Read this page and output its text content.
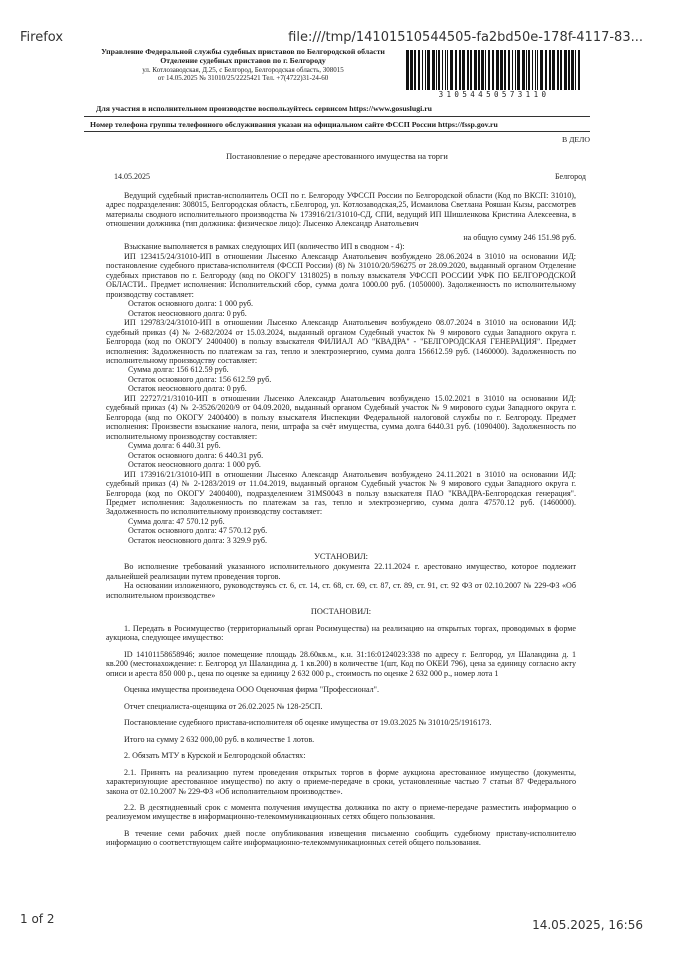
Firefox	file:///tmp/14101510544505-fa2bd50e-178f-4117-83...
Управление Федеральной службы судебных приставов по Белгородской области
Отделение судебных приставов по г. Белгороду
ул. Котлозаводская, Д.25, с Белгород, Белгородская область, 308015
от 14.05.2025 № 31010/25/2225421 Тел. +7(4722)31-24-60
31054450573110
Для участия в исполнительном производстве воспользуйтесь сервисом https://www.gosuslugi.ru
Номер телефона группы телефонного обслуживания указан на официальном сайте ФССП России https://fssp.gov.ru
В ДЕЛО
Постановление о передаче арестованного имущества на торги
14.05.2025	Белгород

Ведущий судебный пристав-исполнитель ОСП по г. Белгороду УФССП России по Белгородской области (Код по ВКСП: 31010), адрес подразделения: 308015, Белгородская область, г.Белгород, ул. Котлозаводская,25, Исмаилова Светлана Рояшан Кызы, рассмотрев материалы сводного исполнительного производства № 173916/21/31010-СД, СПИ, ведущий ИП Шишленкова Кристина Алексеевна, в отношении должника (тип должника: физическое лицо): Лысенко Александр Анатольевич

на общую сумму 246 151.98 руб.

Взыскание выполняется в рамках следующих ИП (количество ИП в сводном - 4):

ИП 123415/24/31010-ИП в отношении Лысенко Александр Анатольевич возбуждено 28.06.2024 в 31010 на основании ИД: постановление судебного пристава-исполнителя (ФССП России) (8) № 31010/20/596275 от 28.09.2020, выданный органом Отделение судебных приставов по г. Белгороду (код по ОКОГУ 1318025) в пользу взыскателя УФССП РОССИИ УФК ПО БЕЛГОРОДСКОЙ ОБЛАСТИ.. Предмет исполнения: Исполнительский сбор, сумма долга 1000.00 руб. (1050000). Задолженность по исполнительному производству составляет:

Остаток основного долга: 1 000 руб.

Остаток неосновного долга: 0 руб.

ИП 129783/24/31010-ИП в отношении Лысенко Александр Анатольевич возбуждено 08.07.2024 в 31010 на основании ИД: судебный приказ (4) № 2-682/2024 от 15.03.2024, выданный органом Судебный участок № 9 мирового судьи Западного округа г. Белгорода (код по ОКОГУ 2400400) в пользу взыскателя ФИЛИАЛ АО "КВАДРА" - "БЕЛГОРОДСКАЯ ГЕНЕРАЦИЯ". Предмет исполнения: Задолженность по платежам за газ, тепло и электроэнергию, сумма долга 156612.59 руб. (1460000). Задолженность по исполнительному производству составляет:

Сумма долга: 156 612.59 руб.

Остаток основного долга: 156 612.59 руб.

Остаток неосновного долга: 0 руб.

ИП 22727/21/31010-ИП в отношении Лысенко Александр Анатольевич возбуждено 15.02.2021 в 31010 на основании ИД: судебный приказ (4) № 2-3526/2020/9 от 04.09.2020, выданный органом Судебный участок № 9 мирового судьи Западного округа г. Белгорода (код по ОКОГУ 2400400) в пользу взыскателя Инспекции Федеральной налоговой службы по г. Белгороду. Предмет исполнения: Произвести взыскание налога, пени, штрафа за счёт имущества, сумма долга 6440.31 руб. (1090400). Задолженность по исполнительному производству составляет:

Сумма долга: 6 440.31 руб.

Остаток основного долга: 6 440.31 руб.

Остаток неосновного долга: 1 000 руб.

ИП 173916/21/31010-ИП в отношении Лысенко Александр Анатольевич возбуждено 24.11.2021 в 31010 на основании ИД: судебный приказ (4) № 2-1283/2019 от 11.04.2019, выданный органом Судебный участок № 9 мирового судьи Западного округа г. Белгорода (код по ОКОГУ 2400400), подразделением 31МS0043 в пользу взыскателя ПАО "КВАДРА-Белгородская генерация". Предмет исполнения: Задолженность по платежам за газ, тепло и электроэнергию, сумма долга 47570.12 руб. (1460000). Задолженность по исполнительному производству составляет:

Сумма долга: 47 570.12 руб.

Остаток основного долга: 47 570.12 руб.

Остаток неосновного долга: 3 329.9 руб.

УСТАНОВИЛ:

Во исполнение требований указанного исполнительного документа 22.11.2024 г. арестовано имущество, которое подлежит дальнейшей реализации путем проведения торгов.

На основании изложенного, руководствуясь ст. 6, ст. 14, ст. 68, ст. 69, ст. 87, ст. 89, ст. 91, ст. 92 ФЗ от 02.10.2007 № 229-ФЗ «Об исполнительном производстве»

ПОСТАНОВИЛ:

1. Передать в Росимущество (территориальный орган Росимущества) на реализацию на открытых торгах, проводимых в форме аукциона, следующее имущество:

ID 14101158658946; жилое помещение площадь 28.60кв.м., к.н. 31:16:0124023:338 по адресу г. Белгород, ул Шаландина д. 1 кв.200 (местонахождение: г. Белгород ул Шаландина д. 1 кв.200) в количестве 1(шт, Код по ОКЕИ 796), цена за единицу согласно акту описи и ареста 850 000 р., цена по оценке за единицу 2 632 000 р., стоимость по оценке 2 632 000 р., номер лота 1

Оценка имущества произведена ООО Оценочная фирма "Профессионал".

Отчет специалиста-оценщика от 26.02.2025 № 128-25СП.

Постановление судебного пристава-исполнителя об оценке имущества от 19.03.2025 № 31010/25/1916173.

Итого на сумму 2 632 000,00 руб. в количестве 1 лотов.

2. Обязать МТУ в Курской и Белгородской областях:

2.1. Принять на реализацию путем проведения открытых торгов в форме аукциона арестованное имущество (документы, характеризующие арестованное имущество) по акту о приеме-передаче в сроки, установленные частью 7 статьи 87 Федерального закона от 02.10.2007 № 229-ФЗ «Об исполнительном производстве».

2.2. В десятидневный срок с момента получения имущества должника по акту о приеме-передаче разместить информацию о реализуемом имуществе в информационно-телекоммуникационных сетях общего пользования.

В течение семи рабочих дней после опубликования извещения письменно сообщить судебному приставу-исполнителю информацию о соответствующем сайте информационно-телекоммуникационных сетей общего пользования.

1 of 2	14.05.2025, 16:56
